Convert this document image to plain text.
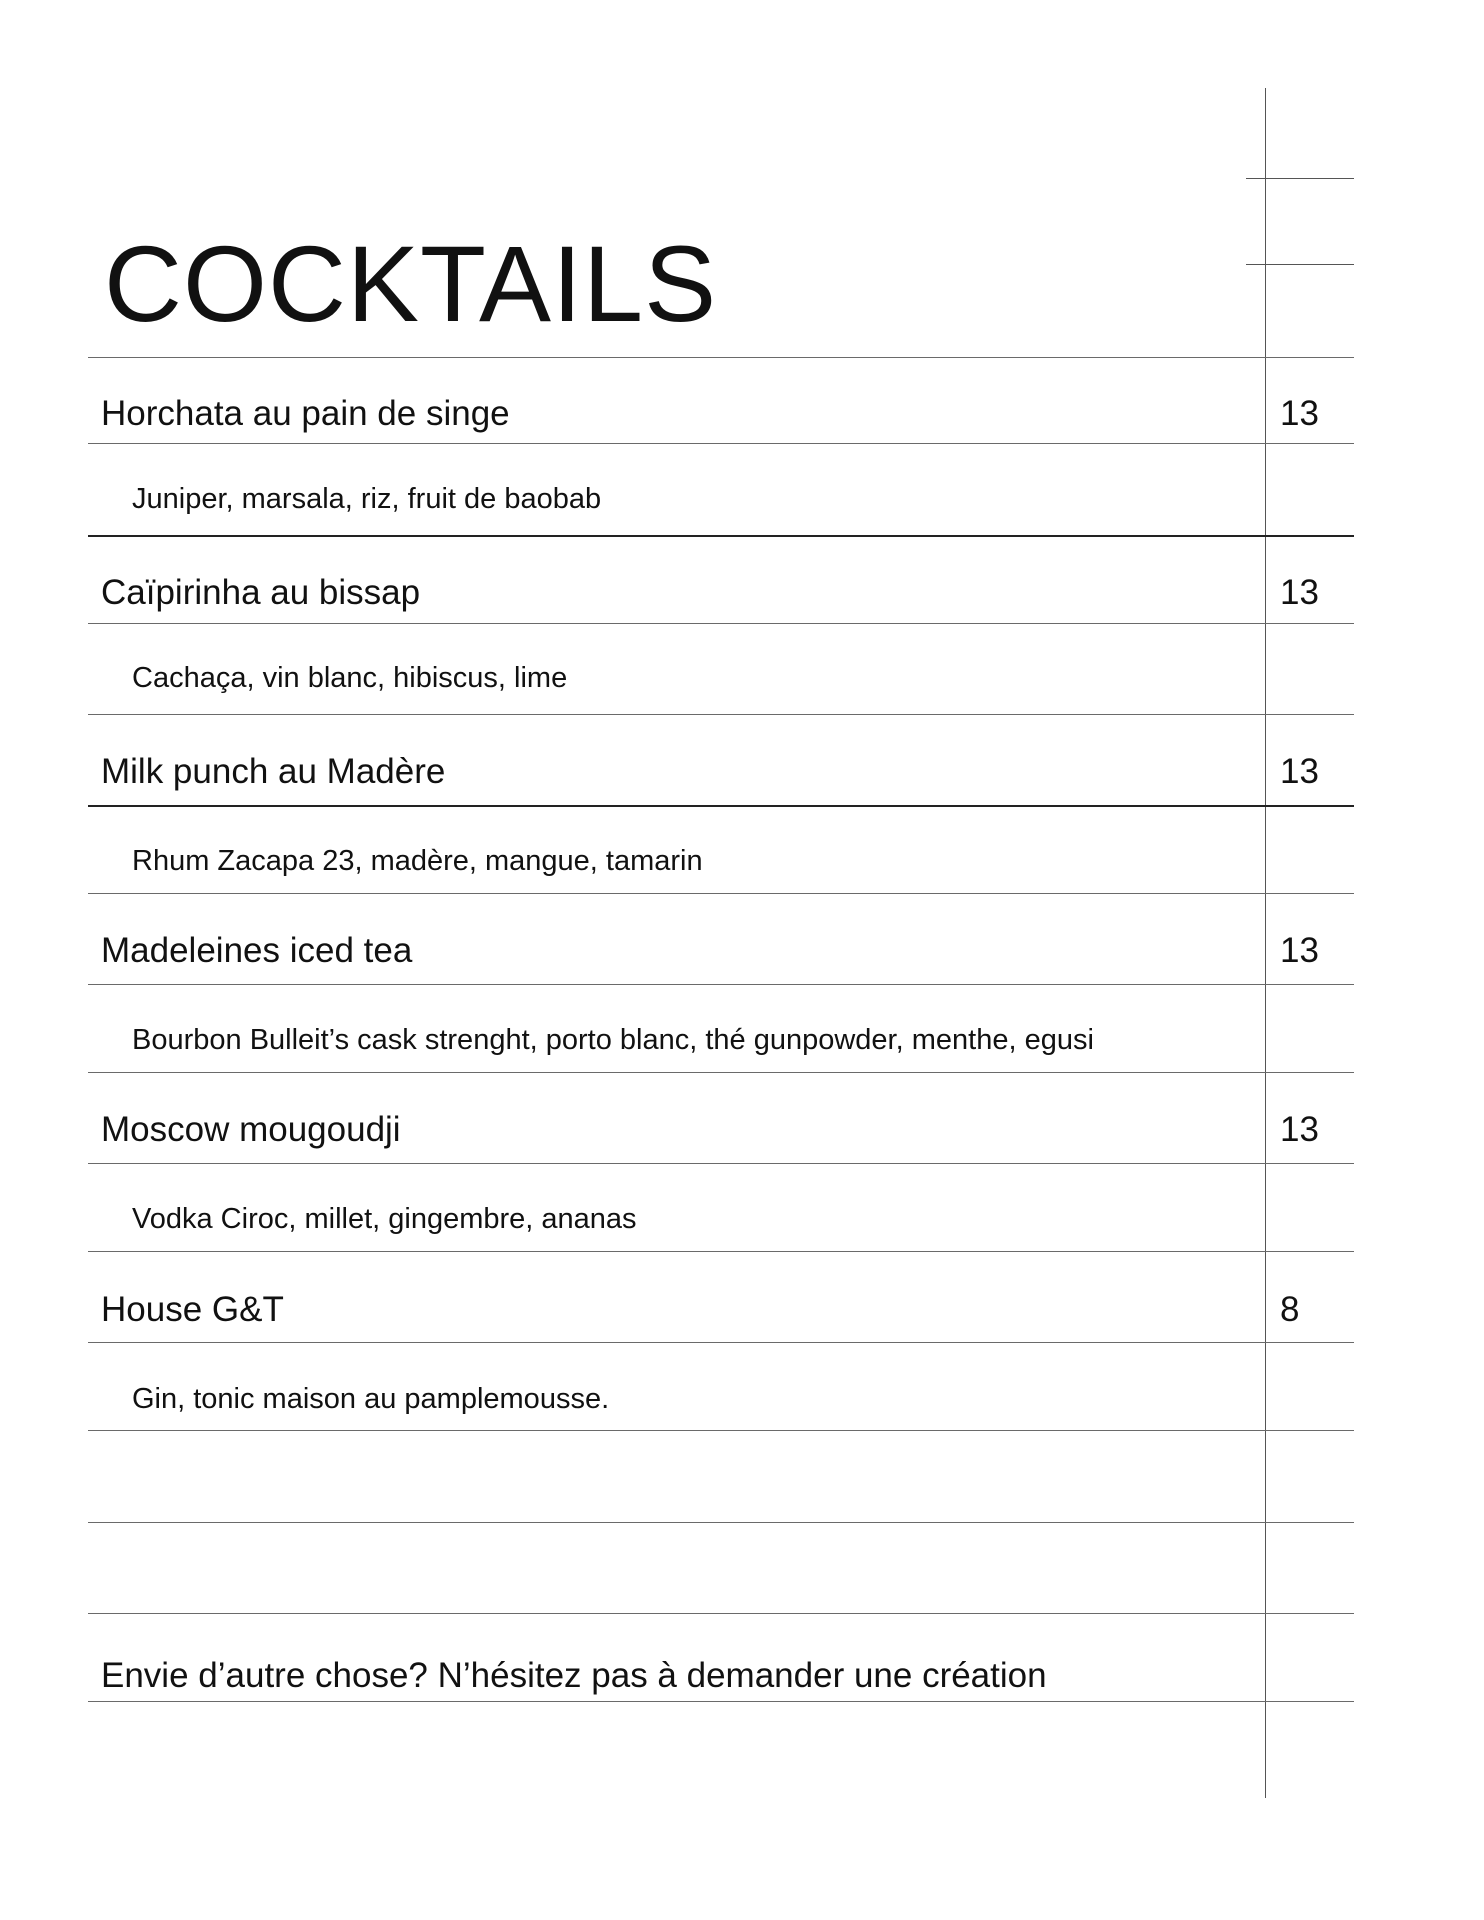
COCKTAILS
Horchata au pain de singe	13
Juniper, marsala, riz, fruit de baobab
Caïpirinha au bissap	13
Cachaça, vin blanc, hibiscus, lime
Milk punch au Madère	13
Rhum Zacapa 23, madère, mangue, tamarin
Madeleines iced tea	13
Bourbon Bulleit’s cask strenght, porto blanc, thé gunpowder, menthe, egusi
Moscow mougoudji	13
Vodka Ciroc, millet, gingembre, ananas
House G&T	8
Gin, tonic maison au pamplemousse.
Envie d’autre chose? N’hésitez pas à demander une création
